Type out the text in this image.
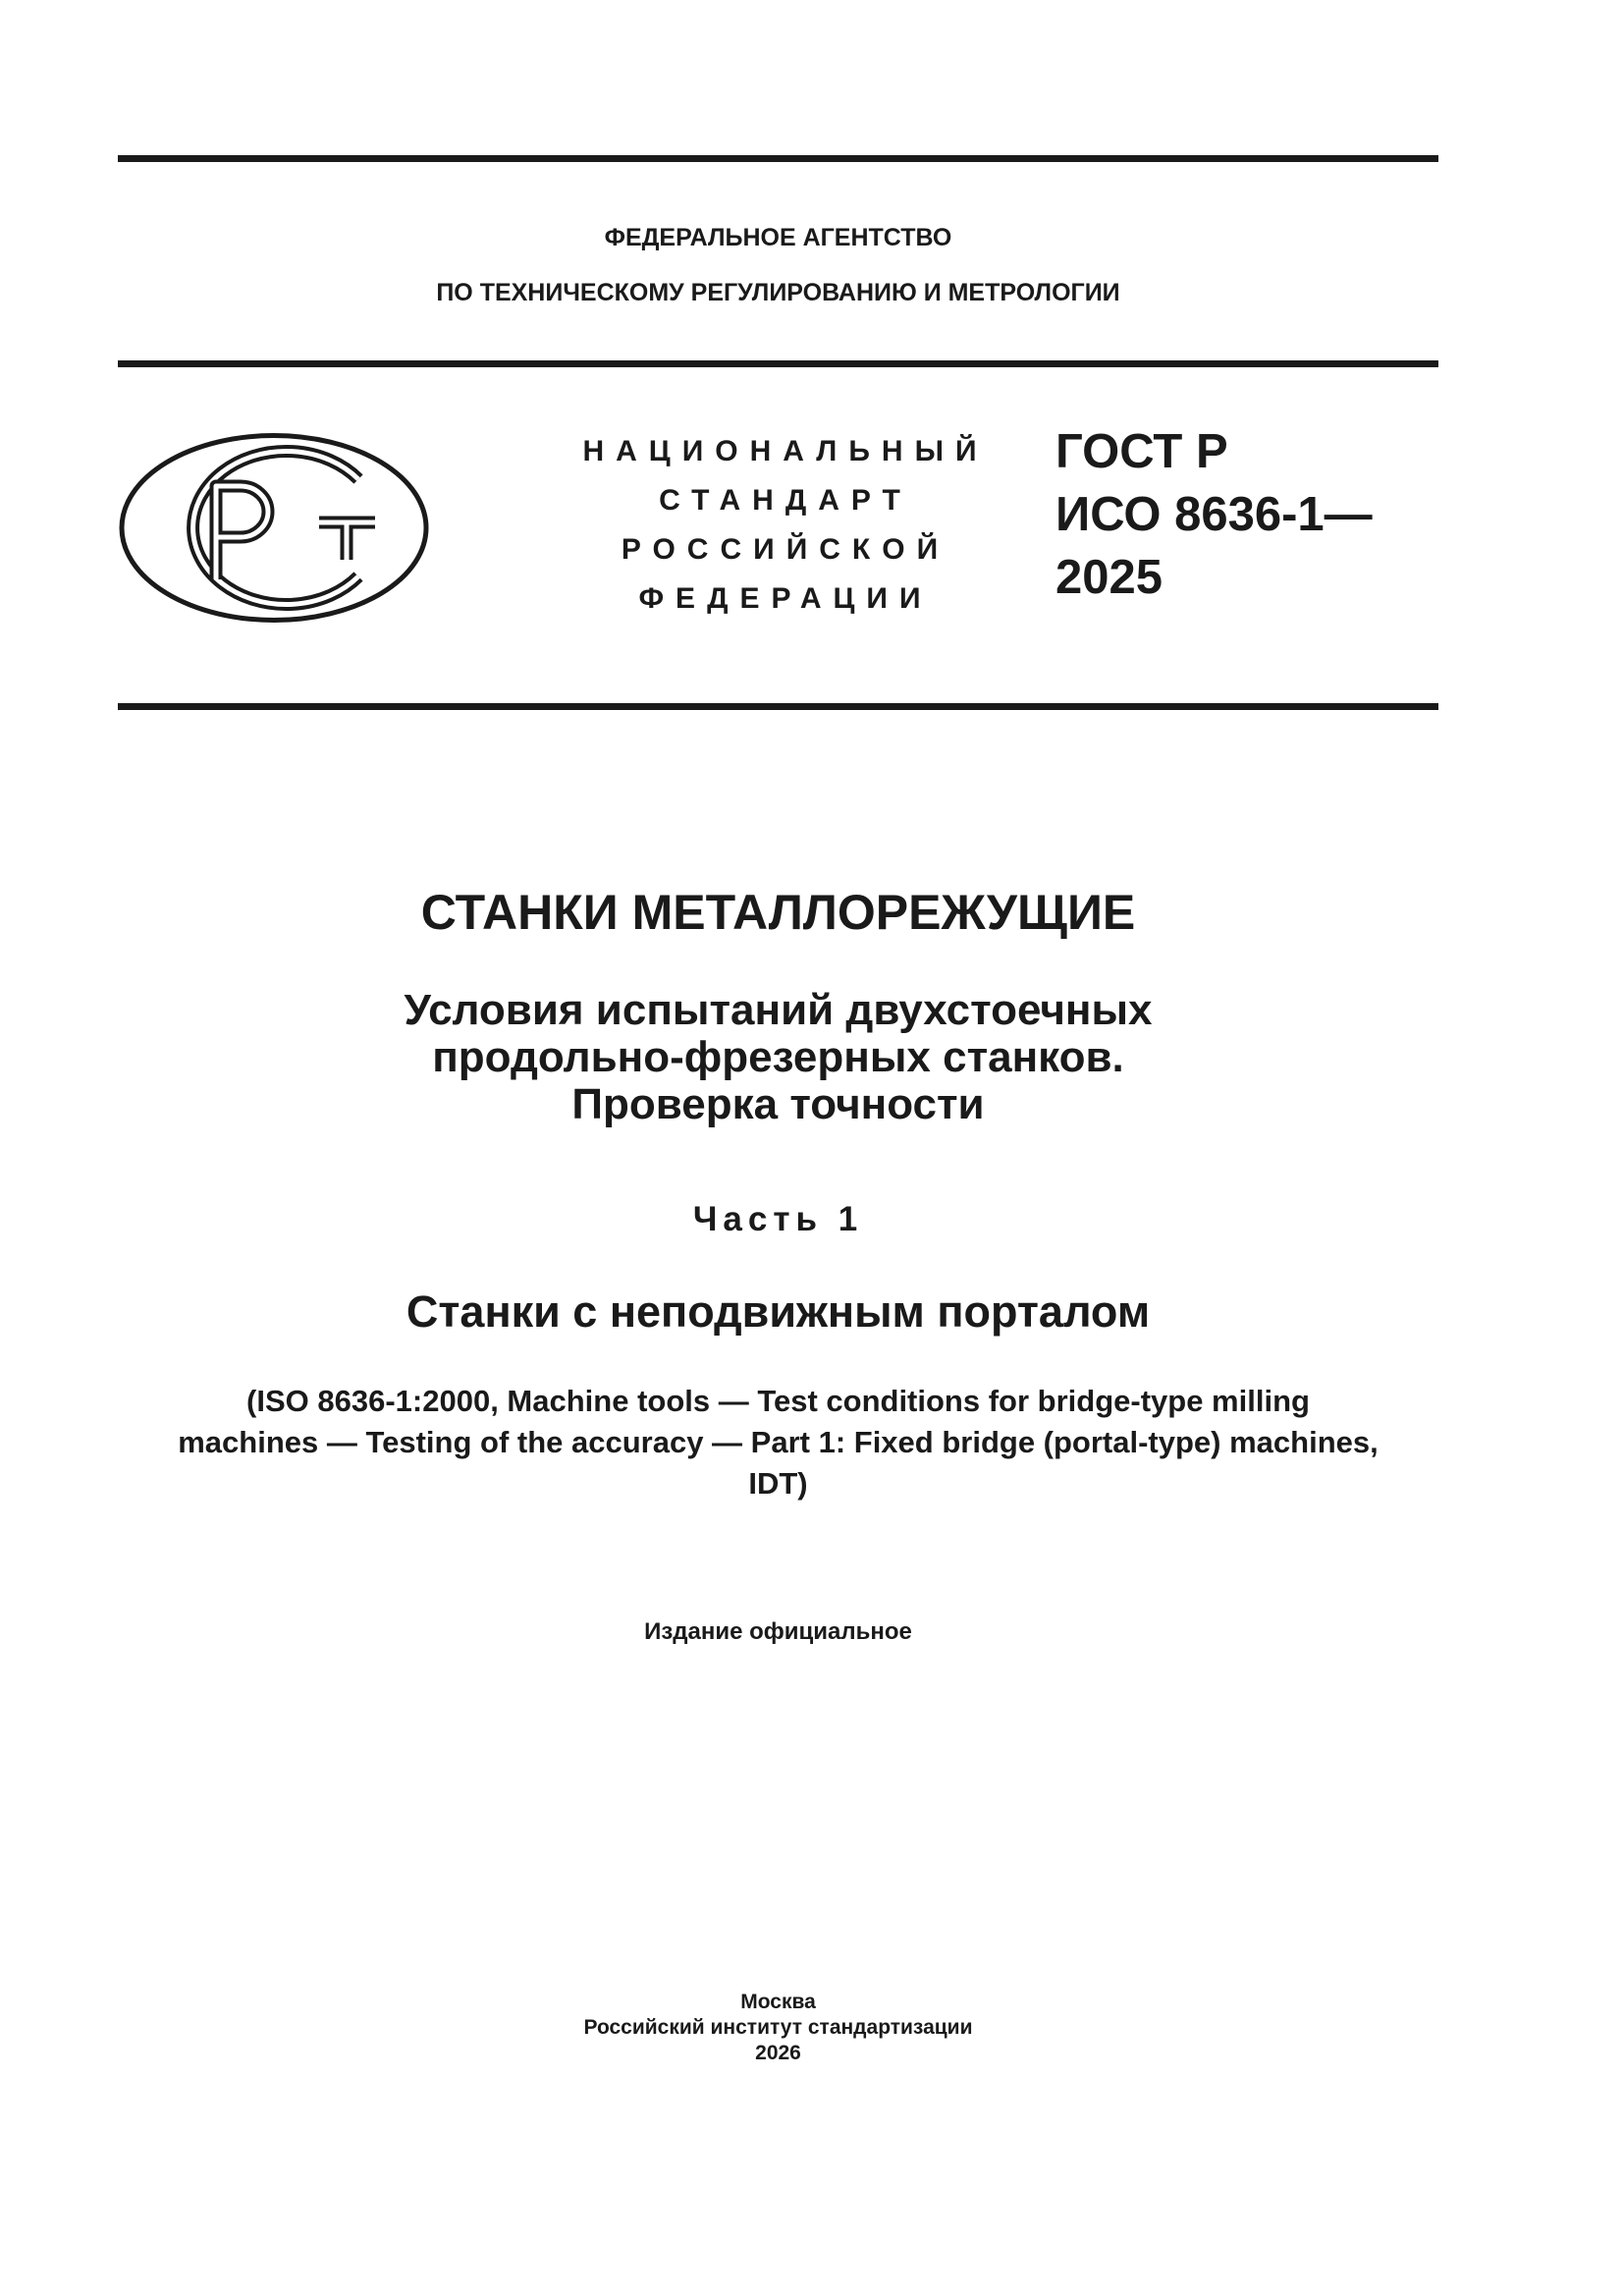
ФЕДЕРАЛЬНОЕ АГЕНТСТВО
ПО ТЕХНИЧЕСКОМУ РЕГУЛИРОВАНИЮ И МЕТРОЛОГИИ
НАЦИОНАЛЬНЫЙ
СТАНДАРТ
РОССИЙСКОЙ
ФЕДЕРАЦИИ
ГОСТ Р
ИСО 8636-1—
2025
СТАНКИ МЕТАЛЛОРЕЖУЩИЕ
Условия испытаний двухстоечных
продольно-фрезерных станков.
Проверка точности
Часть 1
Станки с неподвижным порталом
(ISO 8636-1:2000, Machine tools — Test conditions for bridge-type milling
machines — Testing of the accuracy — Part 1: Fixed bridge (portal-type) machines,
IDT)
Издание официальное
Москва
Российский институт стандартизации
2026
